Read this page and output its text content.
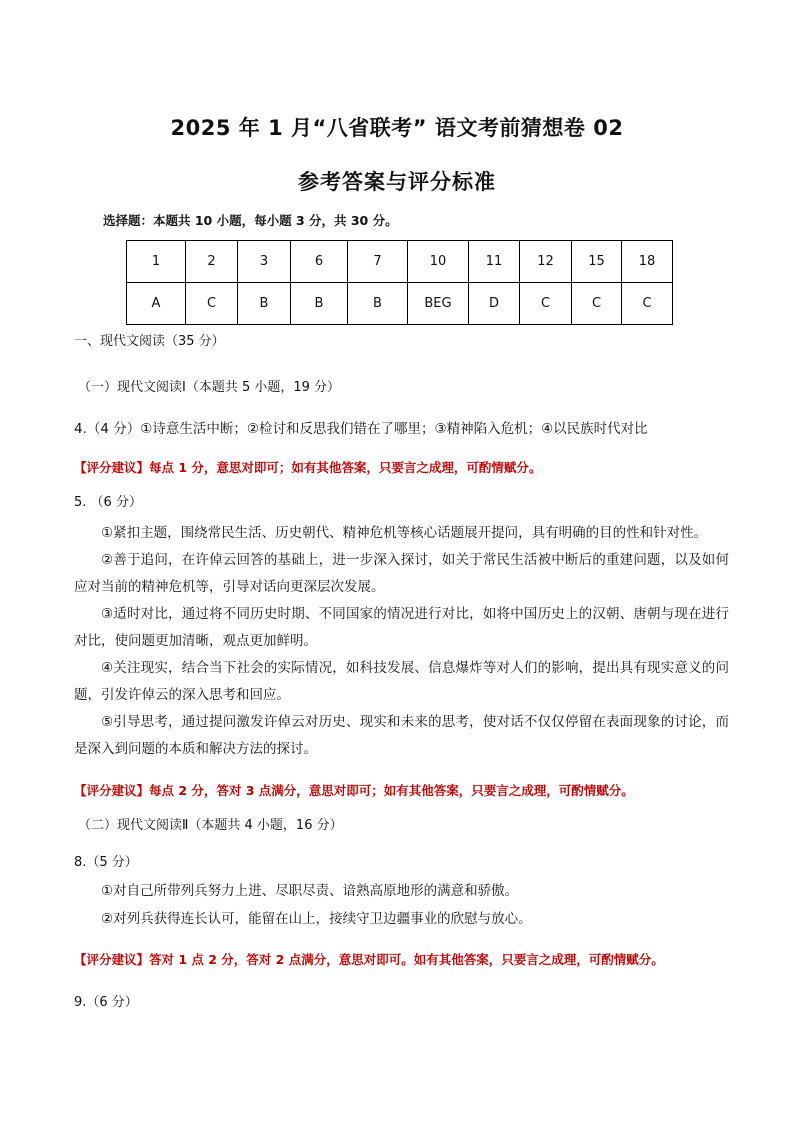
2025 年 1 月“八省联考” 语文考前猜想卷 02
参考答案与评分标准
选择题：本题共 10 小题，每小题 3 分，共 30 分。
1	2	3	6	7	10	11	12	15	18
A	C	B	B	B	BEG	D	C	C	C
一、现代文阅读（35 分）
（一）现代文阅读Ⅰ（本题共 5 小题，19 分）
4.（4 分）①诗意生活中断；②检讨和反思我们错在了哪里；③精神陷入危机；④以民族时代对比
【评分建议】每点 1 分，意思对即可；如有其他答案，只要言之成理，可酌情赋分。
5. （6 分）
①紧扣主题，围绕常民生活、历史朝代、精神危机等核心话题展开提问，具有明确的目的性和针对性。
②善于追问，在许倬云回答的基础上，进一步深入探讨，如关于常民生活被中断后的重建问题，以及如何应对当前的精神危机等，引导对话向更深层次发展。
③适时对比，通过将不同历史时期、不同国家的情况进行对比，如将中国历史上的汉朝、唐朝与现在进行对比，使问题更加清晰，观点更加鲜明。
④关注现实，结合当下社会的实际情况，如科技发展、信息爆炸等对人们的影响，提出具有现实意义的问题，引发许倬云的深入思考和回应。
⑤引导思考，通过提问激发许倬云对历史、现实和未来的思考，使对话不仅仅停留在表面现象的讨论，而是深入到问题的本质和解决方法的探讨。
【评分建议】每点 2 分，答对 3 点满分，意思对即可；如有其他答案，只要言之成理，可酌情赋分。
（二）现代文阅读Ⅱ（本题共 4 小题，16 分）
8.（5 分）
①对自己所带列兵努力上进、尽职尽责、谙熟高原地形的满意和骄傲。
②对列兵获得连长认可，能留在山上，接续守卫边疆事业的欣慰与放心。
【评分建议】答对 1 点 2 分，答对 2 点满分，意思对即可。如有其他答案，只要言之成理，可酌情赋分。
9.（6 分）
